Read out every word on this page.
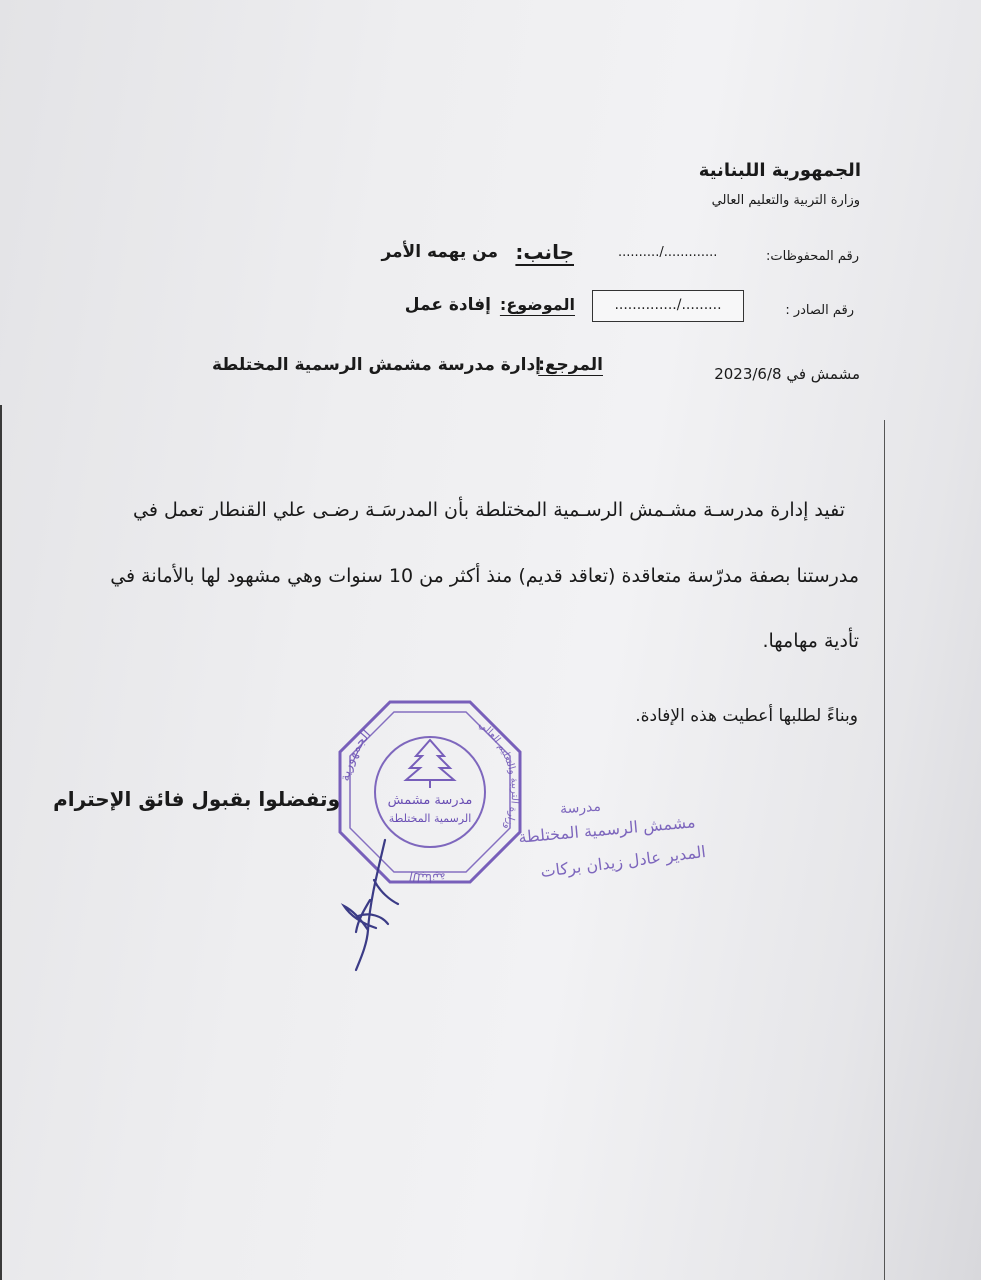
الجمهورية اللبنانية
وزارة التربية والتعليم العالي
رقم المحفوظات:
........../.............
جانب:
من يهمه الأمر
رقم الصادر :
........./..............
الموضوع:
إفادة عمل
مشمش في 2023/6/8
المرجع:
إدارة مدرسة مشمش الرسمية المختلطة
تفيد إدارة مدرسـة مشـمش الرسـمية المختلطة بأن المدرسَـة رضـى علي القنطار تعمل في
مدرستنا بصفة مدرّسة متعاقدة (تعاقد قديم) منذ أكثر من 10 سنوات وهي مشهود لها بالأمانة في
تأدية مهامها.
وبناءً لطلبها أعطيت هذه الإفادة.
وتفضلوا بقبول فائق الإحترام
الجمهورية
اللبنانية
وزارة التربية والتعليم العالي
مدرسة مشمش
الرسمية المختلطة
مدرسة
مشمش الرسمية المختلطة
المدير عادل زيدان بركات
